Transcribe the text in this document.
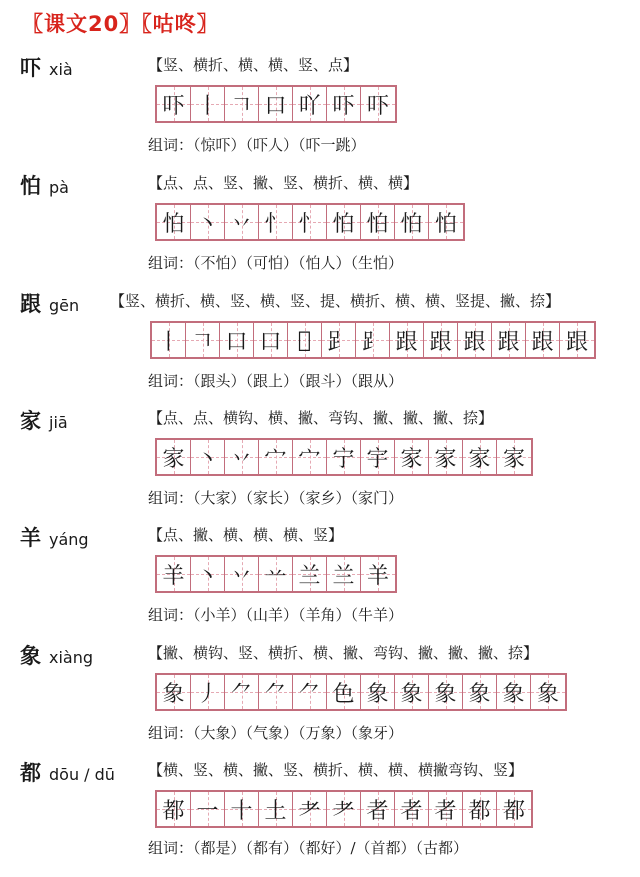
〖课文20〗〖咕咚〗
吓 xià	【竖、横折、横、横、竖、点】
吓 丨 𠃍 口 吖 吓 吓
组词：（惊吓）（吓人）（吓一跳）
怕 pà	【点、点、竖、撇、竖、横折、横、横】
怕 丶 丷 忄 忄 怕 怕 怕 怕
组词：（不怕）（可怕）（怕人）（生怕）
跟 gēn 【竖、横折、横、竖、横、竖、提、横折、横、横、竖提、撇、捺】
丨 𠃍 口 口 𠯁 𧾷 ⻊ 跟 跟 跟 跟 跟 跟
组词：（跟头）（跟上）（跟斗）（跟从）
家 jiā	【点、点、横钩、横、撇、弯钩、撇、撇、撇、捺】
家 丶 丷 宀 宀 宁 宇 家 家 家 家
组词：（大家）（家长）（家乡）（家门）
羊 yáng	【点、撇、横、横、横、竖】
羊 丶 丷 䒑 兰 兰 羊
组词：（小羊）（山羊）（羊角）（牛羊）
象 xiàng	【撇、横钩、竖、横折、横、撇、弯钩、撇、撇、撇、捺】
象 丿 ⺈ ⺈ ⺈ 色 象 象 象 象 象 象
组词：（大象）（气象）（万象）（象牙）
都 dōu / dū 【横、竖、横、撇、竖、横折、横、横、横撇弯钩、竖】
都 一 十 土 耂 耂 者 者 者 都 都
组词：（都是）（都有）（都好）/（首都）（古都）
